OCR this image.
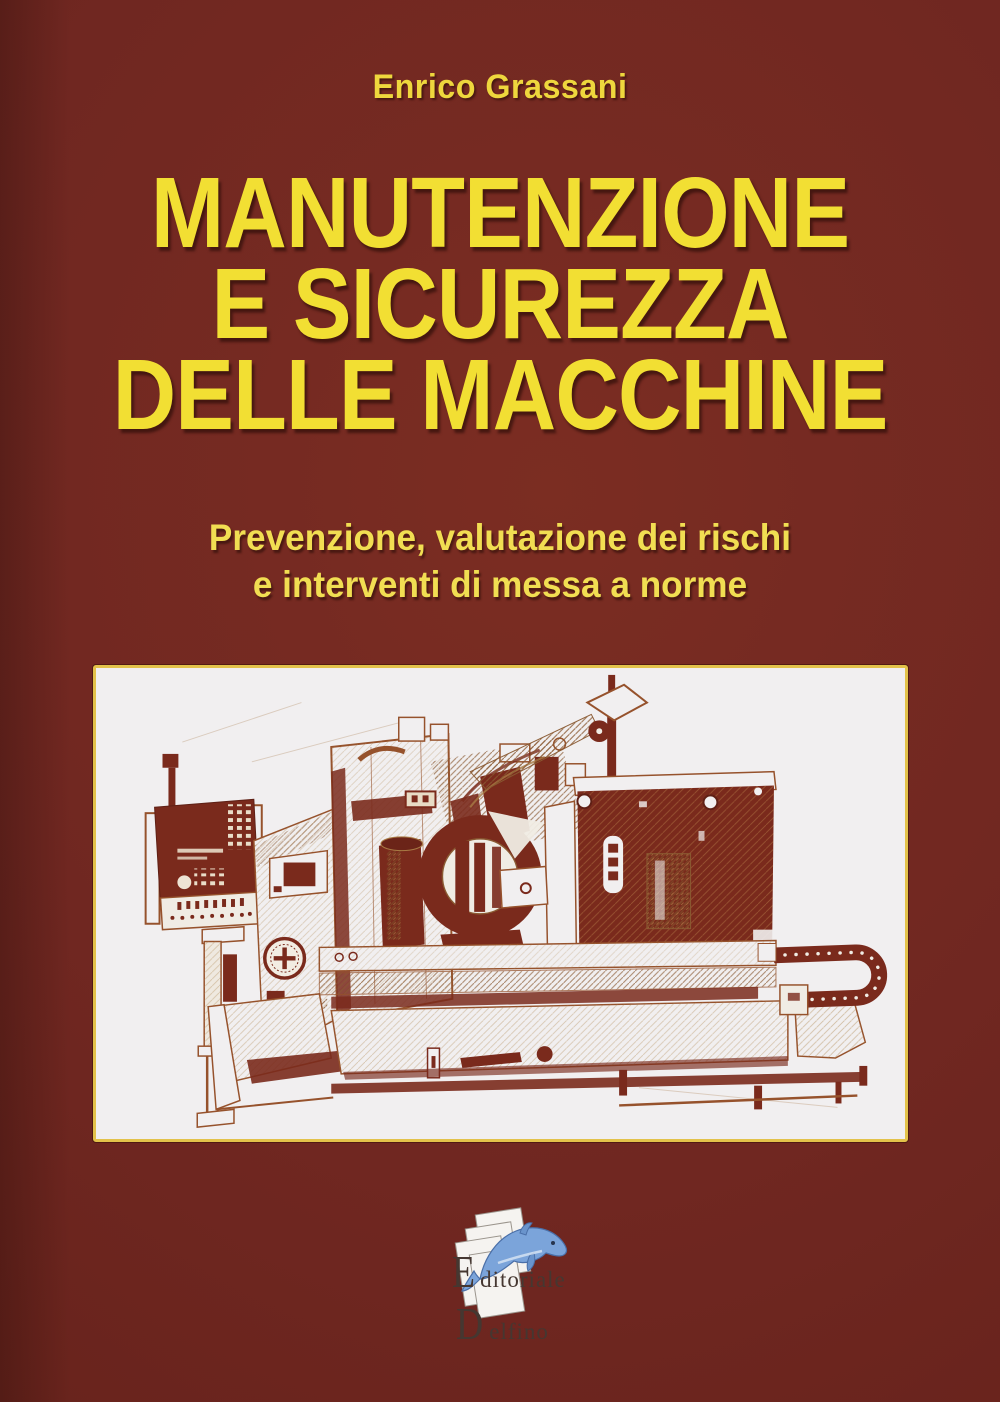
Enrico Grassani
MANUTENZIONE
E SICUREZZA
DELLE MACCHINE
Prevenzione, valutazione dei rischi
e interventi di messa a norme
E ditoriale
D elfino
